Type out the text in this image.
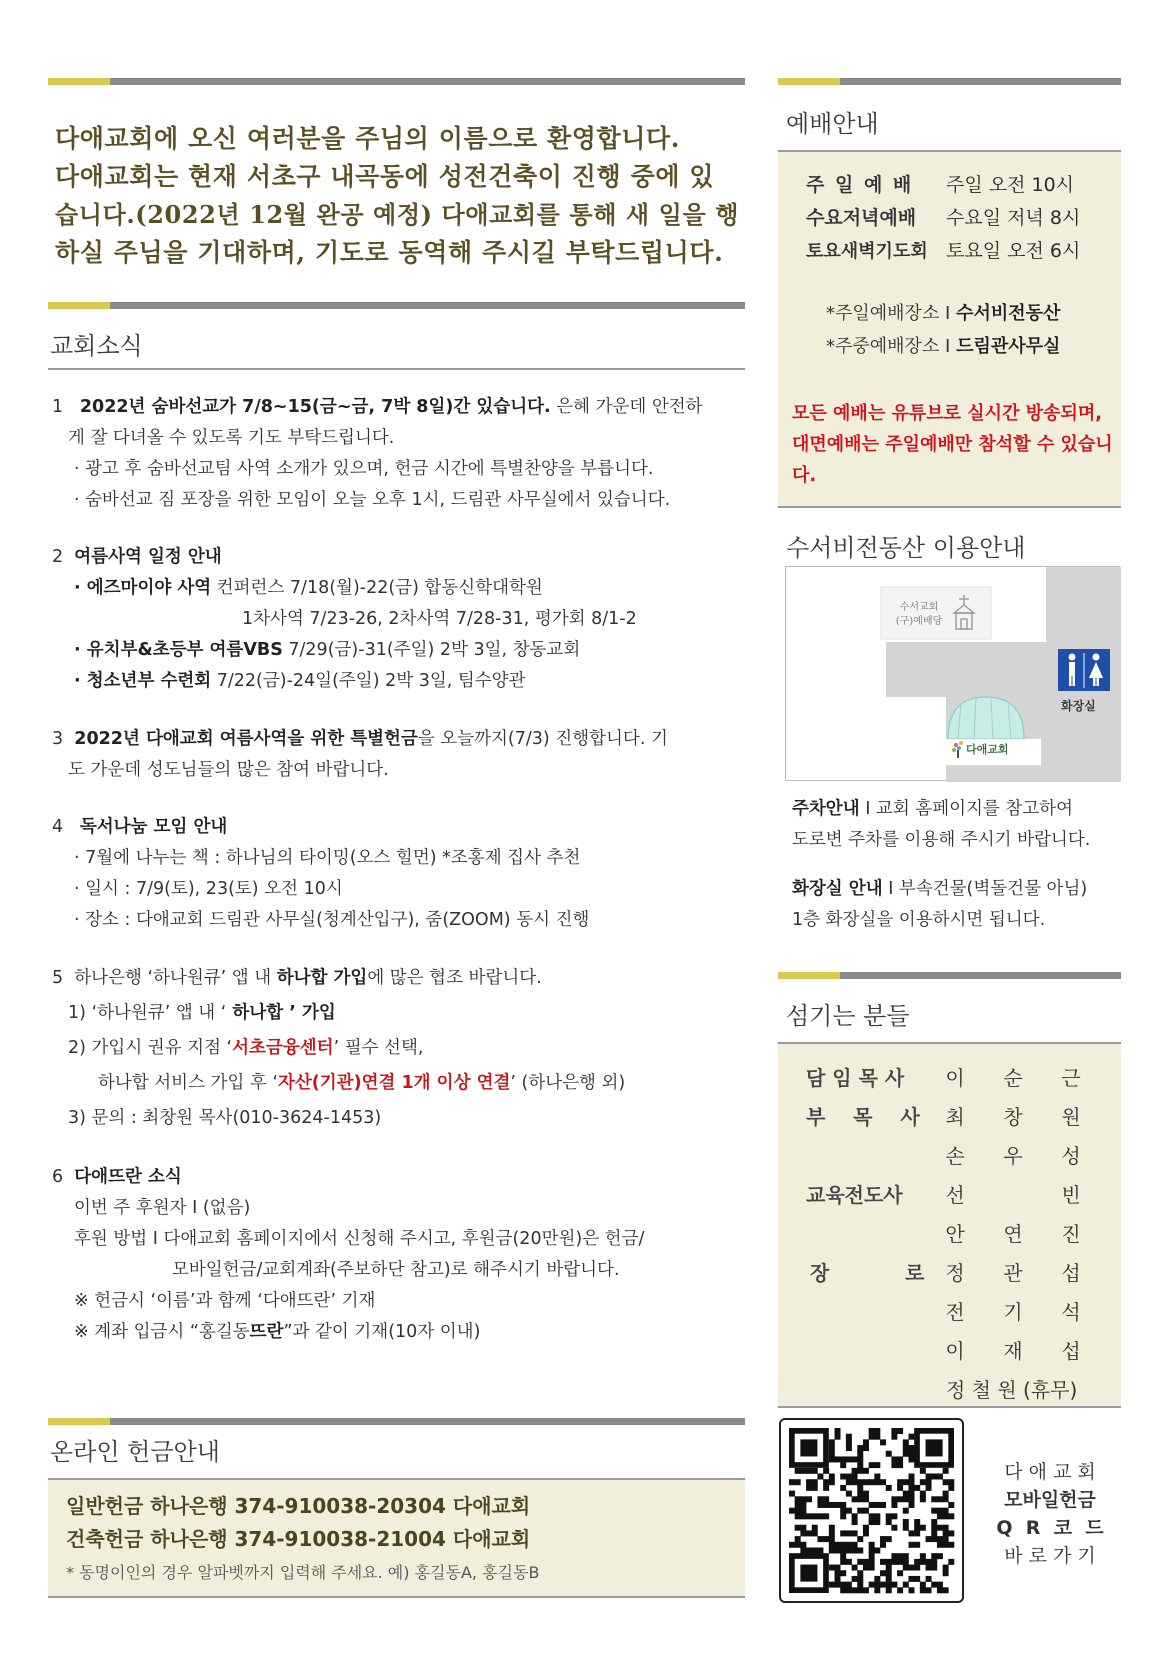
다애교회에 오신 여러분을 주님의 이름으로 환영합니다.
다애교회는 현재 서초구 내곡동에 성전건축이 진행 중에 있
습니다.(2022년 12월 완공 예정) 다애교회를 통해 새 일을 행
하실 주님을 기대하며, 기도로 동역해 주시길 부탁드립니다.
교회소식
1 2022년 숨바선교가 7/8~15(금~금, 7박 8일)간 있습니다. 은혜 가운데 안전하
게 잘 다녀올 수 있도록 기도 부탁드립니다.
· 광고 후 숨바선교팀 사역 소개가 있으며, 헌금 시간에 특별찬양을 부릅니다.
· 숨바선교 짐 포장을 위한 모임이 오늘 오후 1시, 드림관 사무실에서 있습니다.
2 여름사역 일정 안내
· 에즈마이야 사역 컨퍼런스 7/18(월)-22(금) 합동신학대학원
1차사역 7/23-26, 2차사역 7/28-31, 평가회 8/1-2
· 유치부&초등부 여름VBS 7/29(금)-31(주일) 2박 3일, 창동교회
· 청소년부 수련회 7/22(금)-24일(주일) 2박 3일, 팀수양관
3 2022년 다애교회 여름사역을 위한 특별헌금을 오늘까지(7/3) 진행합니다. 기
도 가운데 성도님들의 많은 참여 바랍니다.
4 독서나눔 모임 안내
· 7월에 나누는 책 : 하나님의 타이밍(오스 힐먼) *조홍제 집사 추천
· 일시 : 7/9(토), 23(토) 오전 10시
· 장소 : 다애교회 드림관 사무실(청계산입구), 줌(ZOOM) 동시 진행
5 하나은행 ‘하나원큐’ 앱 내 하나합 가입에 많은 협조 바랍니다.
1) ‘하나원큐’ 앱 내 ‘ 하나합 ’ 가입
2) 가입시 권유 지점 ‘서초금융센터’ 필수 선택,
하나합 서비스 가입 후 ‘자산(기관)연결 1개 이상 연결’ (하나은행 외)
3) 문의 : 최창원 목사(010-3624-1453)
6 다애뜨란 소식
이번 주 후원자 I (없음)
후원 방법 I 다애교회 홈페이지에서 신청해 주시고, 후원금(20만원)은 헌금/
모바일헌금/교회계좌(주보하단 참고)로 해주시기 바랍니다.
※ 헌금시 ‘이름’과 함께 ‘다애뜨란’ 기재
※ 계좌 입금시 “홍길동뜨란”과 같이 기재(10자 이내)
온라인 헌금안내
일반헌금 하나은행 374-910038-20304 다애교회
건축헌금 하나은행 374-910038-21004 다애교회
* 동명이인의 경우 알파벳까지 입력해 주세요. 예) 홍길동A, 홍길동B
예배안내
주 일 예 배 주일 오전 10시
수요저녁예배 수요일 저녁 8시
토요새벽기도회 토요일 오전 6시
*주일예배장소 I 수서비전동산
*주중예배장소 I 드림관사무실
모든 예배는 유튜브로 실시간 방송되며,
대면예배는 주일예배만 참석할 수 있습니
다.
수서비전동산 이용안내
수서교회
(구)예배당
화장실
다애교회
주차안내 I 교회 홈페이지를 참고하여
도로변 주차를 이용해 주시기 바랍니다.
화장실 안내 I 부속건물(벽돌건물 아님)
1층 화장실을 이용하시면 됩니다.
섬기는 분들
담 임 목 사
부    목    사
교육전도사
장	로
이 순 근
최 창 원
손 우 성
선	빈
안 연 진
정 관 섭
전 기 석
이 재 섭
정 철 원 (휴무)
다 애 교 회
모바일헌금
Q  R  코  드
바 로 가 기
